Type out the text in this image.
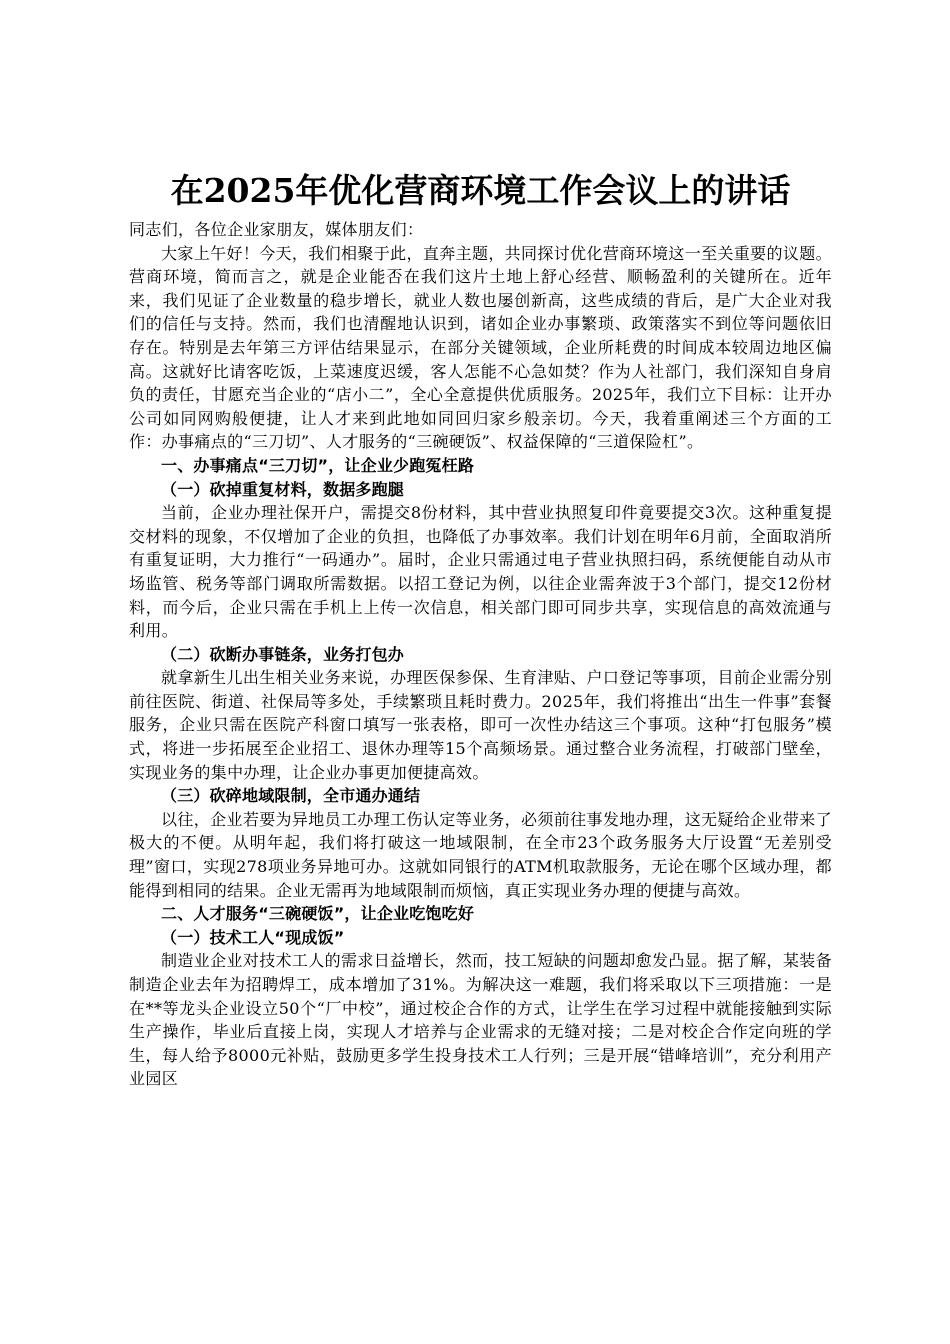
在2025年优化营商环境工作会议上的讲话

同志们，各位企业家朋友，媒体朋友们：

大家上午好！今天，我们相聚于此，直奔主题，共同探讨优化营商环境这一至关重要的议题。营商环境，简而言之，就是企业能否在我们这片土地上舒心经营、顺畅盈利的关键所在。近年来，我们见证了企业数量的稳步增长，就业人数也屡创新高，这些成绩的背后，是广大企业对我们的信任与支持。然而，我们也清醒地认识到，诸如企业办事繁琐、政策落实不到位等问题依旧存在。特别是去年第三方评估结果显示，在部分关键领域，企业所耗费的时间成本较周边地区偏高。这就好比请客吃饭，上菜速度迟缓，客人怎能不心急如焚？作为人社部门，我们深知自身肩负的责任，甘愿充当企业的“店小二”，全心全意提供优质服务。2025年，我们立下目标：让开办公司如同网购般便捷，让人才来到此地如同回归家乡般亲切。今天，我着重阐述三个方面的工作：办事痛点的“三刀切”、人才服务的“三碗硬饭”、权益保障的“三道保险杠”。

一、办事痛点“三刀切”，让企业少跑冤枉路

（一）砍掉重复材料，数据多跑腿

当前，企业办理社保开户，需提交8份材料，其中营业执照复印件竟要提交3次。这种重复提交材料的现象，不仅增加了企业的负担，也降低了办事效率。我们计划在明年6月前，全面取消所有重复证明，大力推行“一码通办”。届时，企业只需通过电子营业执照扫码，系统便能自动从市场监管、税务等部门调取所需数据。以招工登记为例，以往企业需奔波于3个部门，提交12份材料，而今后，企业只需在手机上上传一次信息，相关部门即可同步共享，实现信息的高效流通与利用。

（二）砍断办事链条，业务打包办

就拿新生儿出生相关业务来说，办理医保参保、生育津贴、户口登记等事项，目前企业需分别前往医院、街道、社保局等多处，手续繁琐且耗时费力。2025年，我们将推出“出生一件事”套餐服务，企业只需在医院产科窗口填写一张表格，即可一次性办结这三个事项。这种“打包服务”模式，将进一步拓展至企业招工、退休办理等15个高频场景。通过整合业务流程，打破部门壁垒，实现业务的集中办理，让企业办事更加便捷高效。

（三）砍碎地域限制，全市通办通结

以往，企业若要为异地员工办理工伤认定等业务，必须前往事发地办理，这无疑给企业带来了极大的不便。从明年起，我们将打破这一地域限制，在全市23个政务服务大厅设置“无差别受理”窗口，实现278项业务异地可办。这就如同银行的ATM机取款服务，无论在哪个区域办理，都能得到相同的结果。企业无需再为地域限制而烦恼，真正实现业务办理的便捷与高效。

二、人才服务“三碗硬饭”，让企业吃饱吃好

（一）技术工人“现成饭”

制造业企业对技术工人的需求日益增长，然而，技工短缺的问题却愈发凸显。据了解，某装备制造企业去年为招聘焊工，成本增加了31%。为解决这一难题，我们将采取以下三项措施：一是在**等龙头企业设立50个“厂中校”，通过校企合作的方式，让学生在学习过程中就能接触到实际生产操作，毕业后直接上岗，实现人才培养与企业需求的无缝对接；二是对校企合作定向班的学生，每人给予8000元补贴，鼓励更多学生投身技术工人行列；三是开展“错峰培训”，充分利用产业园区
